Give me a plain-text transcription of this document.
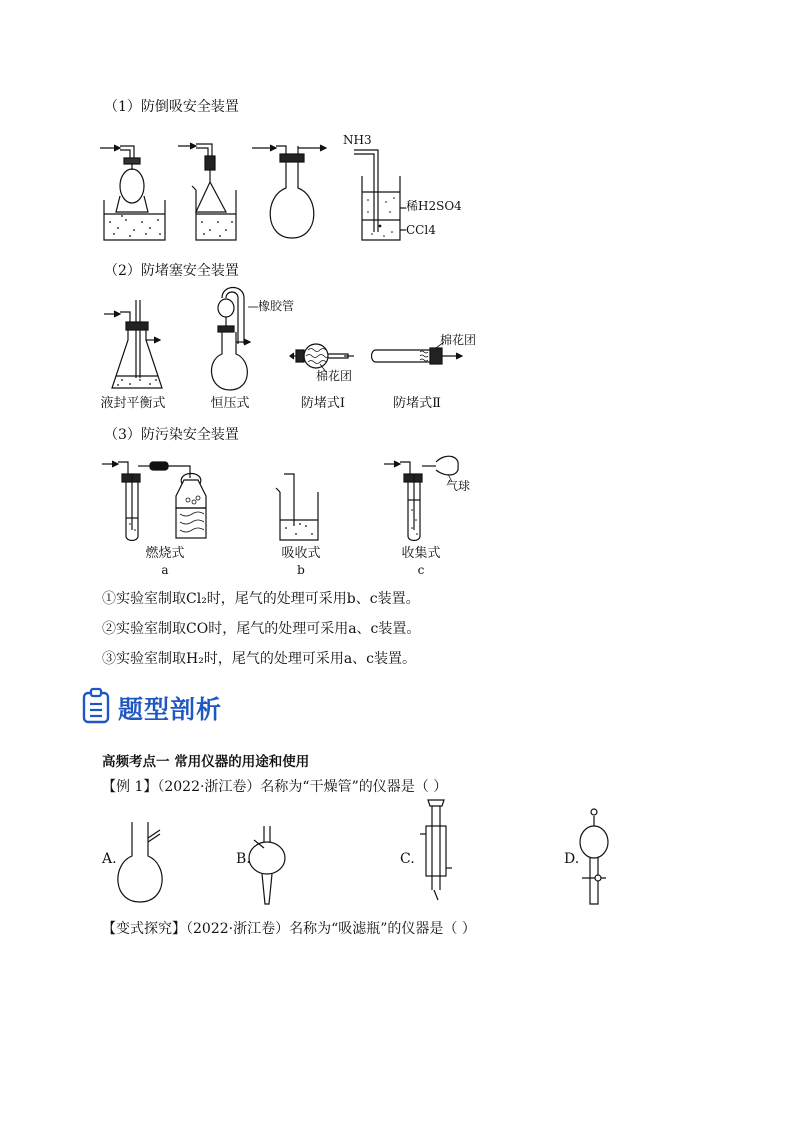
（1）防倒吸安全装置
NH3
稀H2SO4
CCl4
（2）防堵塞安全装置
橡胶管
棉花团
棉花团
液封平衡式	恒压式	防堵式Ⅰ	防堵式Ⅱ
（3）防污染安全装置
气球
燃烧式
a
吸收式
b
收集式
c
①实验室制取Cl₂时，尾气的处理可采用b、c装置。
②实验室制取CO时，尾气的处理可采用a、c装置。
③实验室制取H₂时，尾气的处理可采用a、c装置。
题型剖析
高频考点一 常用仪器的用途和使用
【例 1】（2022·浙江卷）名称为“干燥管”的仪器是（ ）
A.	B.	C.	D.
【变式探究】（2022·浙江卷）名称为“吸滤瓶”的仪器是（ ）
